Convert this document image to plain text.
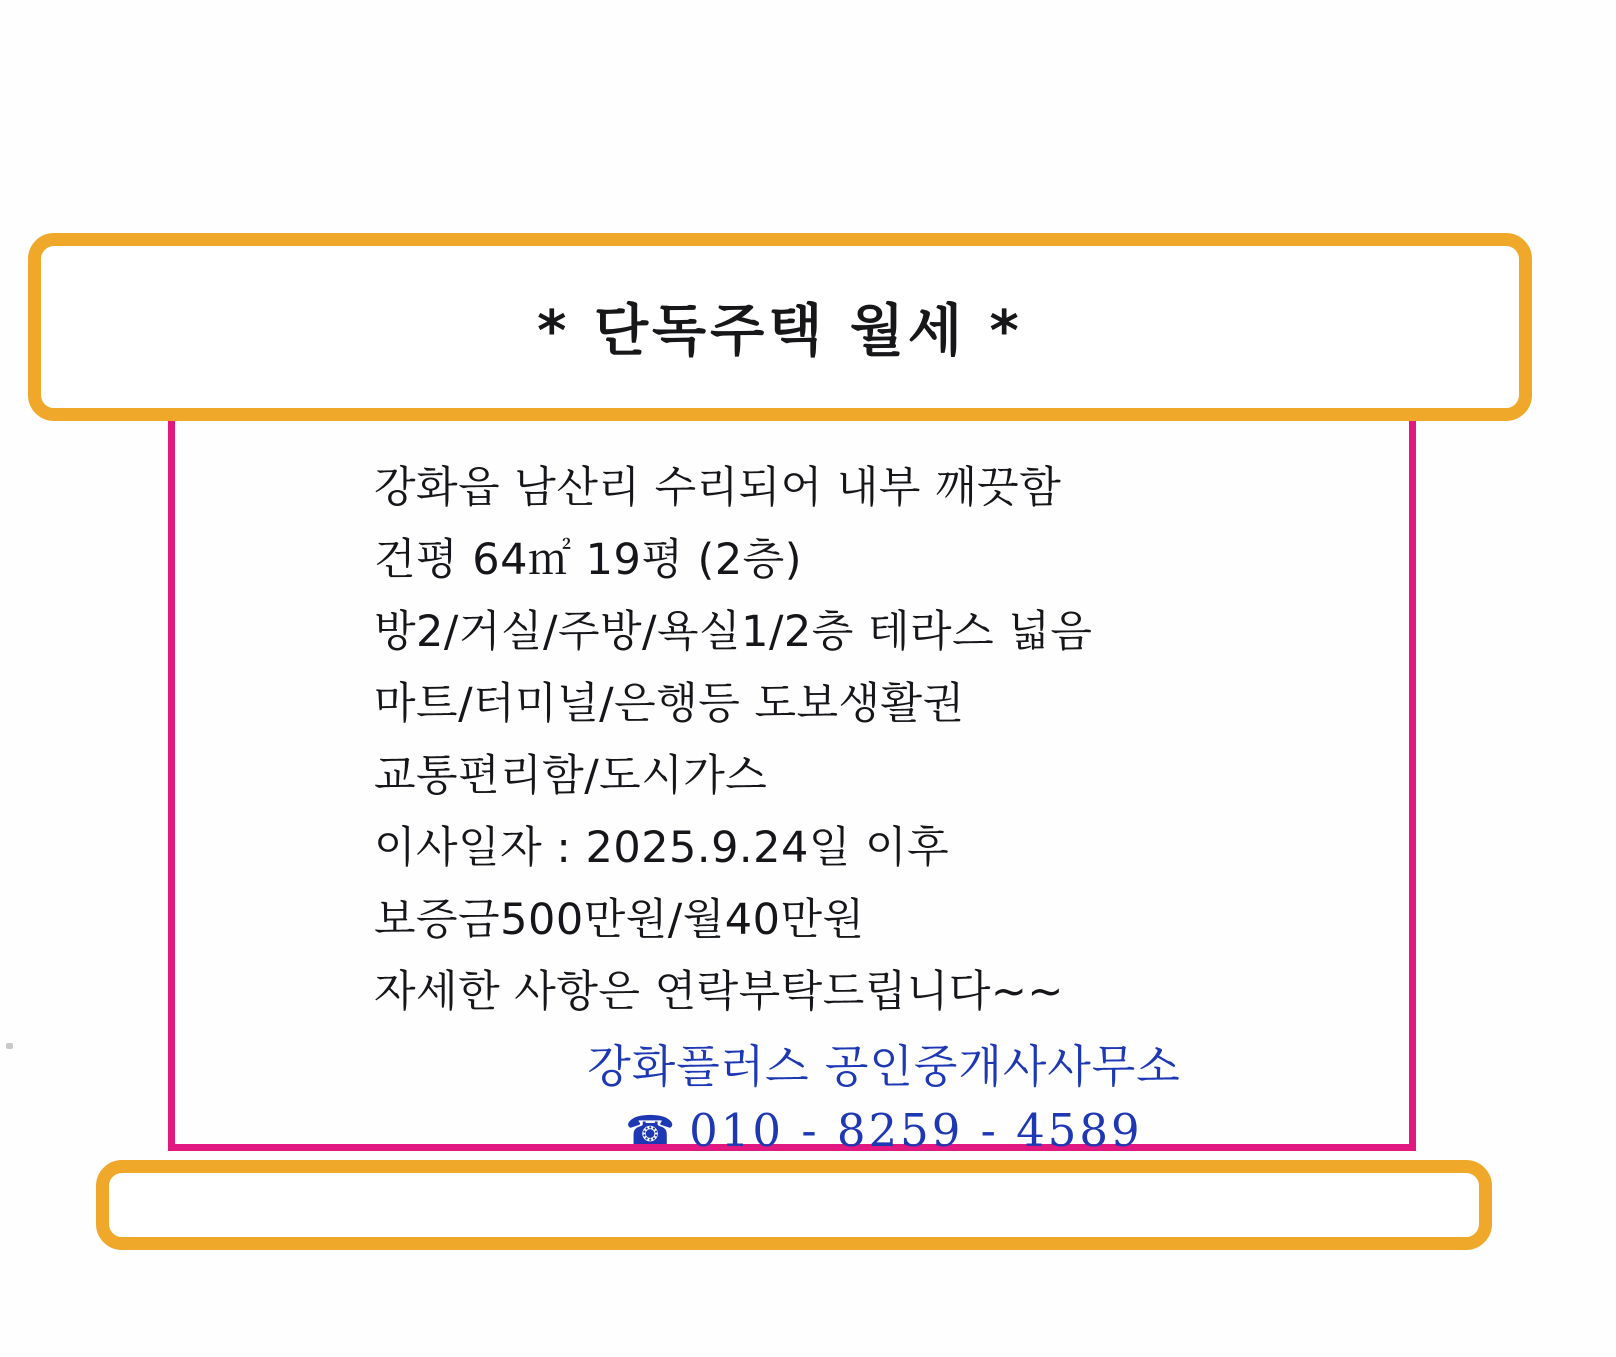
* 단독주택 월세 *
강화읍 남산리 수리되어 내부 깨끗함
건평 64㎡ 19평 (2층)
방2/거실/주방/욕실1/2층 테라스 넓음
마트/터미널/은행등 도보생활권
교통편리함/도시가스
이사일자 : 2025.9.24일 이후
보증금500만원/월40만원
자세한 사항은 연락부탁드립니다~~
강화플러스 공인중개사사무소
☎ 010 - 8259 - 4589
